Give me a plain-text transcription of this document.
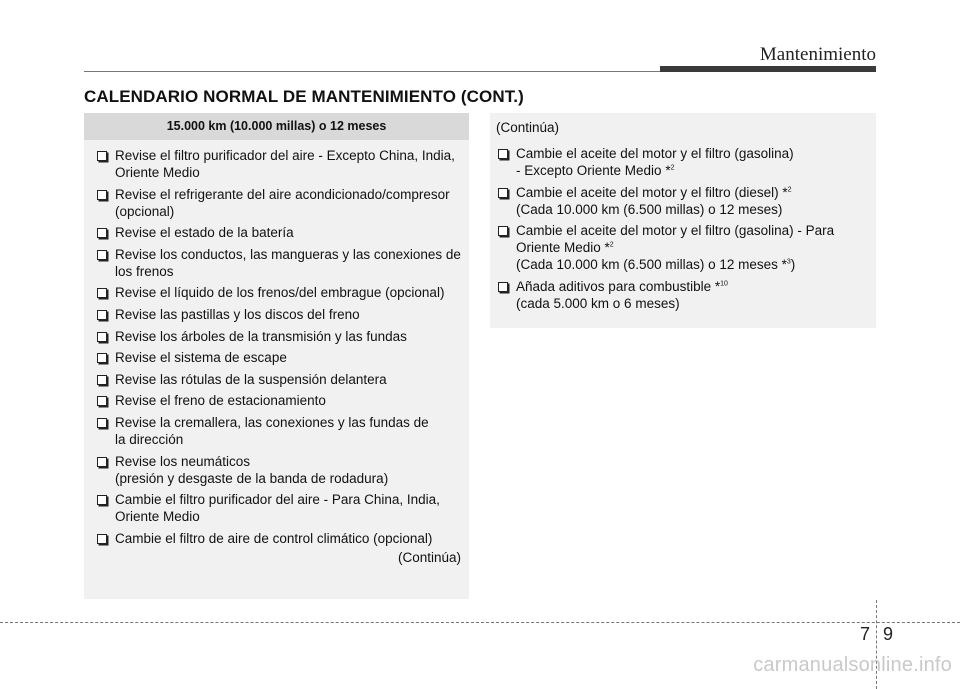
Mantenimiento
CALENDARIO NORMAL DE MANTENIMIENTO (CONT.)
15.000 km (10.000 millas) o 12 meses
Revise el filtro purificador del aire - Excepto China, India,
Oriente Medio
Revise el refrigerante del aire acondicionado/compresor
(opcional)
Revise el estado de la batería
Revise los conductos, las mangueras y las conexiones de
los frenos
Revise el líquido de los frenos/del embrague (opcional)
Revise las pastillas y los discos del freno
Revise los árboles de la transmisión y las fundas
Revise el sistema de escape
Revise las rótulas de la suspensión delantera
Revise el freno de estacionamiento
Revise la cremallera, las conexiones y las fundas de
la dirección
Revise los neumáticos
(presión y desgaste de la banda de rodadura)
Cambie el filtro purificador del aire - Para China, India,
Oriente Medio
Cambie el filtro de aire de control climático (opcional)
(Continúa)
(Continúa)
Cambie el aceite del motor y el filtro (gasolina)
- Excepto Oriente Medio *$^2$
Cambie el aceite del motor y el filtro (diesel) *$^2$
(Cada 10.000 km (6.500 millas) o 12 meses)
Cambie el aceite del motor y el filtro (gasolina) - Para
Oriente Medio *$^2$
(Cada 10.000 km (6.500 millas) o 12 meses *$^3$)
Añada aditivos para combustible *$^{10}$
(cada 5.000 km o 6 meses)
7 9
carmanualsonline.info
